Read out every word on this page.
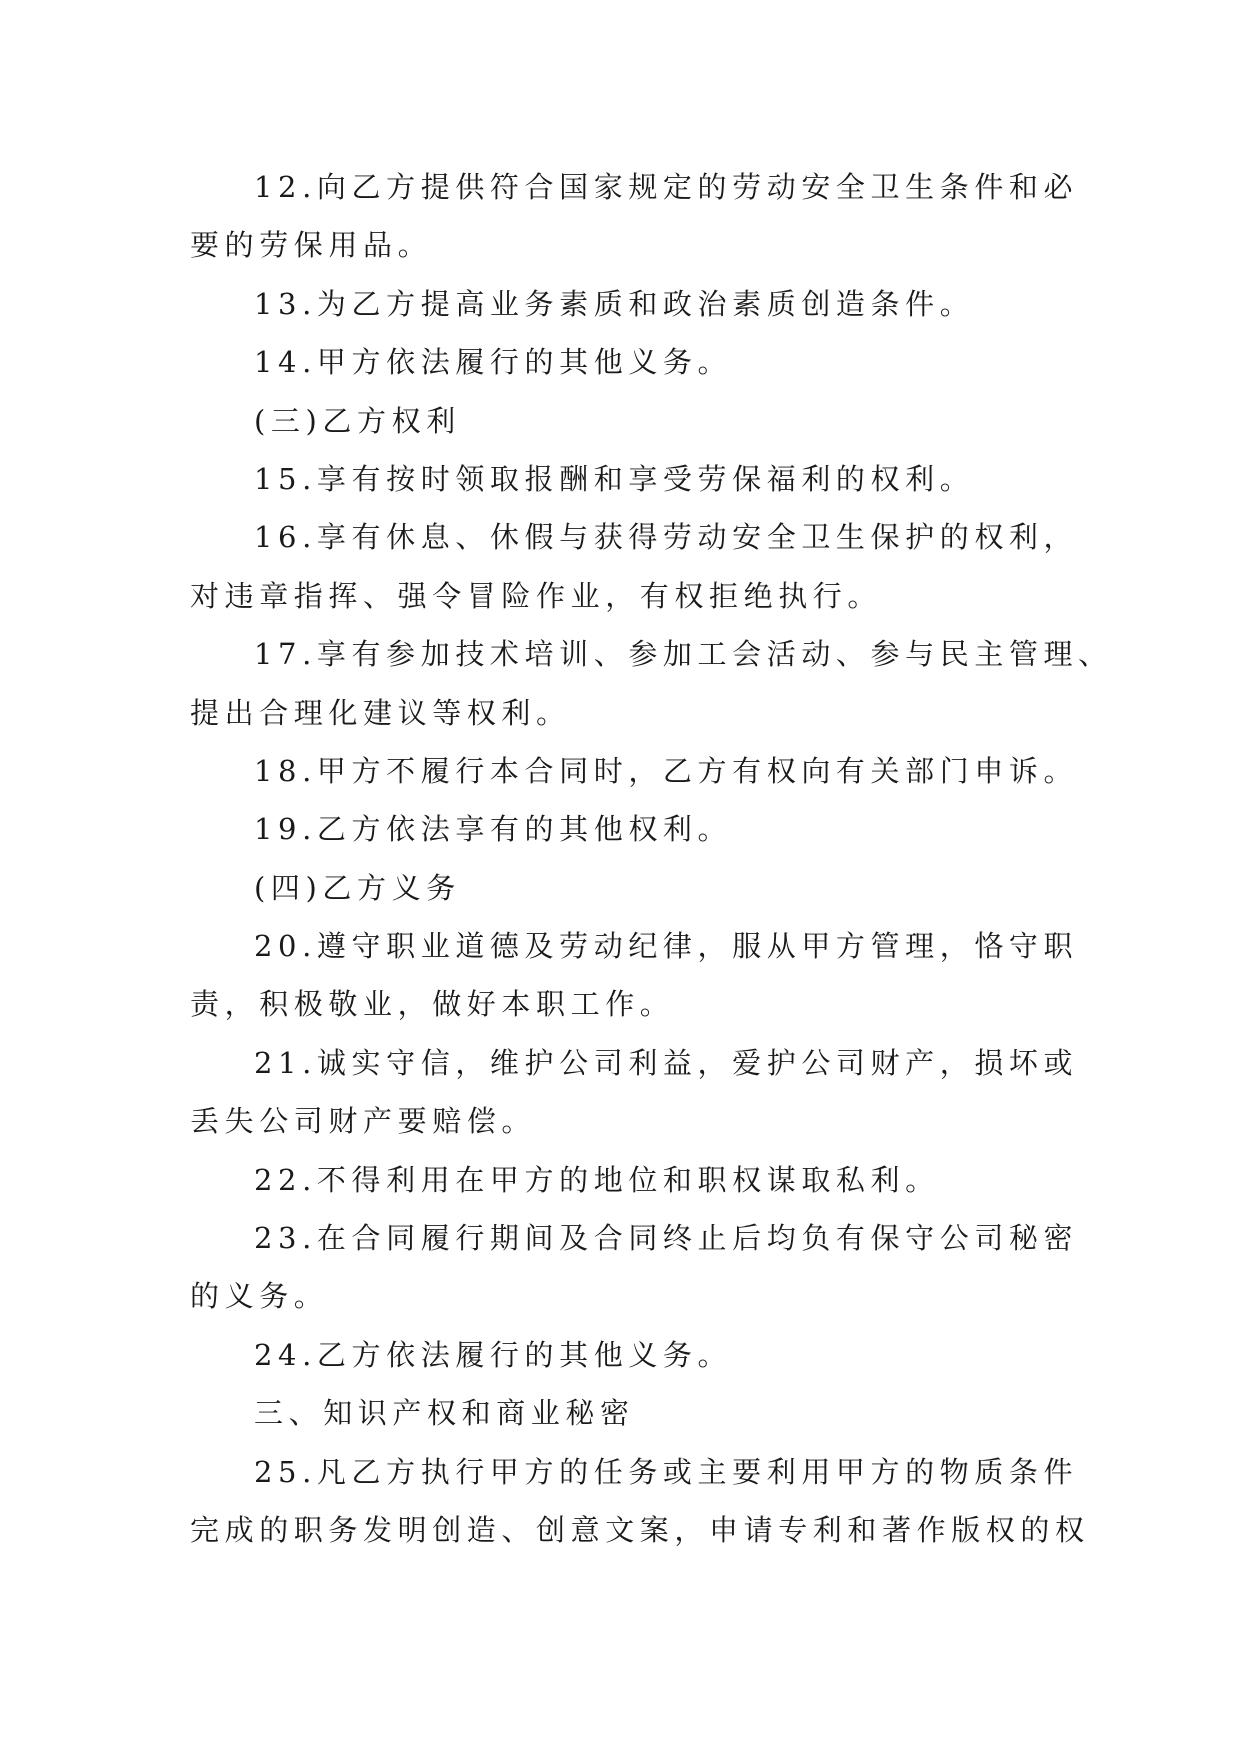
12.向乙方提供符合国家规定的劳动安全卫生条件和必
要的劳保用品。
13.为乙方提高业务素质和政治素质创造条件。
14.甲方依法履行的其他义务。
(三)乙方权利
15.享有按时领取报酬和享受劳保福利的权利。
16.享有休息、休假与获得劳动安全卫生保护的权利，
对违章指挥、强令冒险作业，有权拒绝执行。
17.享有参加技术培训、参加工会活动、参与民主管理、
提出合理化建议等权利。
18.甲方不履行本合同时，乙方有权向有关部门申诉。
19.乙方依法享有的其他权利。
(四)乙方义务
20.遵守职业道德及劳动纪律，服从甲方管理，恪守职
责，积极敬业，做好本职工作。
21.诚实守信，维护公司利益，爱护公司财产，损坏或
丢失公司财产要赔偿。
22.不得利用在甲方的地位和职权谋取私利。
23.在合同履行期间及合同终止后均负有保守公司秘密
的义务。
24.乙方依法履行的其他义务。
三、知识产权和商业秘密
25.凡乙方执行甲方的任务或主要利用甲方的物质条件
完成的职务发明创造、创意文案，申请专利和著作版权的权
